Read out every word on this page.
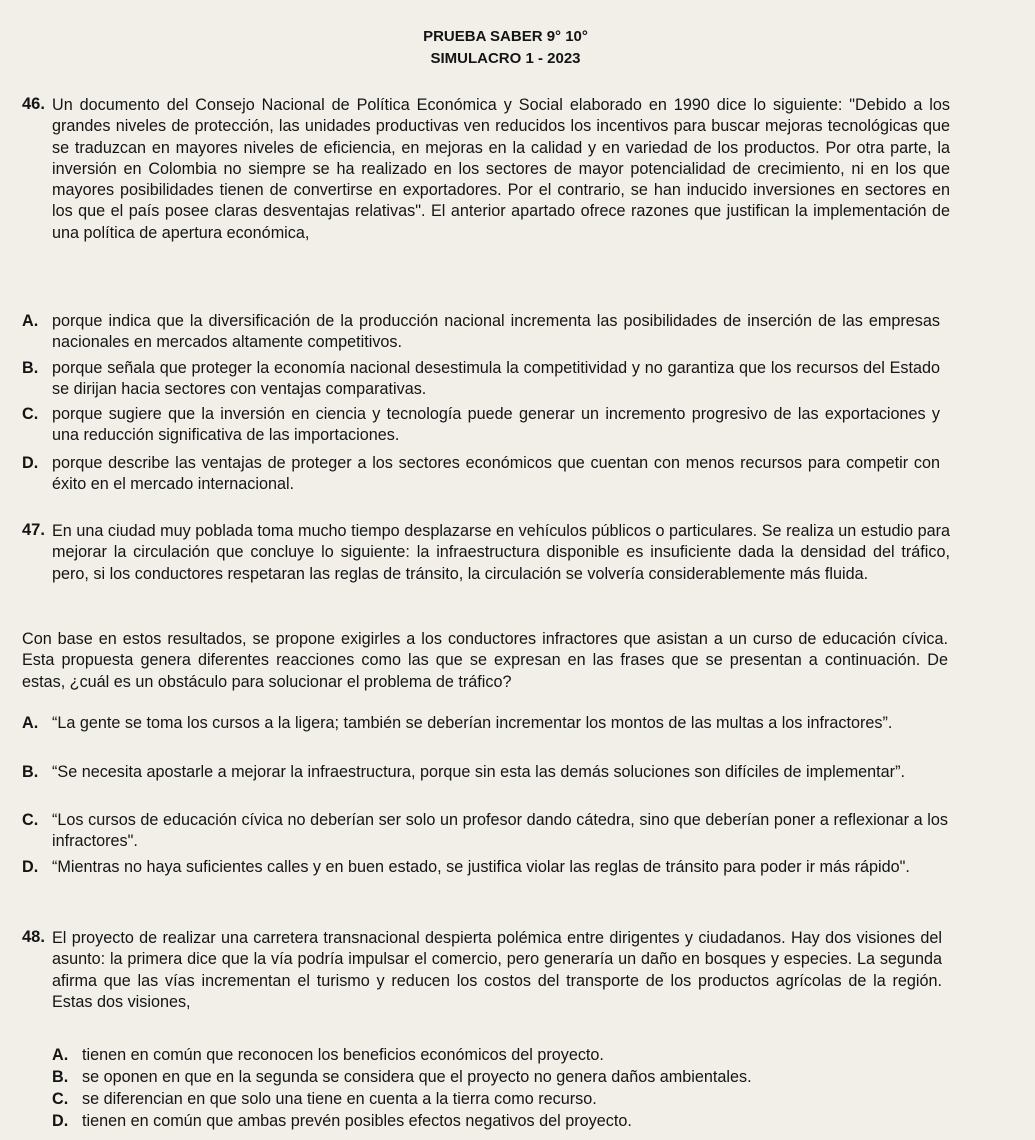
PRUEBA SABER 9° 10°
SIMULACRO 1 - 2023
46. Un documento del Consejo Nacional de Política Económica y Social elaborado en 1990 dice lo siguiente: "Debido a los grandes niveles de protección, las unidades productivas ven reducidos los incentivos para buscar mejoras tecnológicas que se traduzcan en mayores niveles de eficiencia, en mejoras en la calidad y en variedad de los productos. Por otra parte, la inversión en Colombia no siempre se ha realizado en los sectores de mayor potencialidad de crecimiento, ni en los que mayores posibilidades tienen de convertirse en exportadores. Por el contrario, se han inducido inversiones en sectores en los que el país posee claras desventajas relativas". El anterior apartado ofrece razones que justifican la implementación de una política de apertura económica,
A. porque indica que la diversificación de la producción nacional incrementa las posibilidades de inserción de las empresas nacionales en mercados altamente competitivos.
B. porque señala que proteger la economía nacional desestimula la competitividad y no garantiza que los recursos del Estado se dirijan hacia sectores con ventajas comparativas.
C. porque sugiere que la inversión en ciencia y tecnología puede generar un incremento progresivo de las exportaciones y una reducción significativa de las importaciones.
D. porque describe las ventajas de proteger a los sectores económicos que cuentan con menos recursos para competir con éxito en el mercado internacional.
47. En una ciudad muy poblada toma mucho tiempo desplazarse en vehículos públicos o particulares. Se realiza un estudio para mejorar la circulación que concluye lo siguiente: la infraestructura disponible es insuficiente dada la densidad del tráfico, pero, si los conductores respetaran las reglas de tránsito, la circulación se volvería considerablemente más fluida.
Con base en estos resultados, se propone exigirles a los conductores infractores que asistan a un curso de educación cívica. Esta propuesta genera diferentes reacciones como las que se expresan en las frases que se presentan a continuación. De estas, ¿cuál es un obstáculo para solucionar el problema de tráfico?
A. “La gente se toma los cursos a la ligera; también se deberían incrementar los montos de las multas a los infractores”.
B. “Se necesita apostarle a mejorar la infraestructura, porque sin esta las demás soluciones son difíciles de implementar”.
C. “Los cursos de educación cívica no deberían ser solo un profesor dando cátedra, sino que deberían poner a reflexionar a los infractores".
D. “Mientras no haya suficientes calles y en buen estado, se justifica violar las reglas de tránsito para poder ir más rápido".
48. El proyecto de realizar una carretera transnacional despierta polémica entre dirigentes y ciudadanos. Hay dos visiones del asunto: la primera dice que la vía podría impulsar el comercio, pero generaría un daño en bosques y especies. La segunda afirma que las vías incrementan el turismo y reducen los costos del transporte de los productos agrícolas de la región. Estas dos visiones,
A. tienen en común que reconocen los beneficios económicos del proyecto.
B. se oponen en que en la segunda se considera que el proyecto no genera daños ambientales.
C. se diferencian en que solo una tiene en cuenta a la tierra como recurso.
D. tienen en común que ambas prevén posibles efectos negativos del proyecto.
